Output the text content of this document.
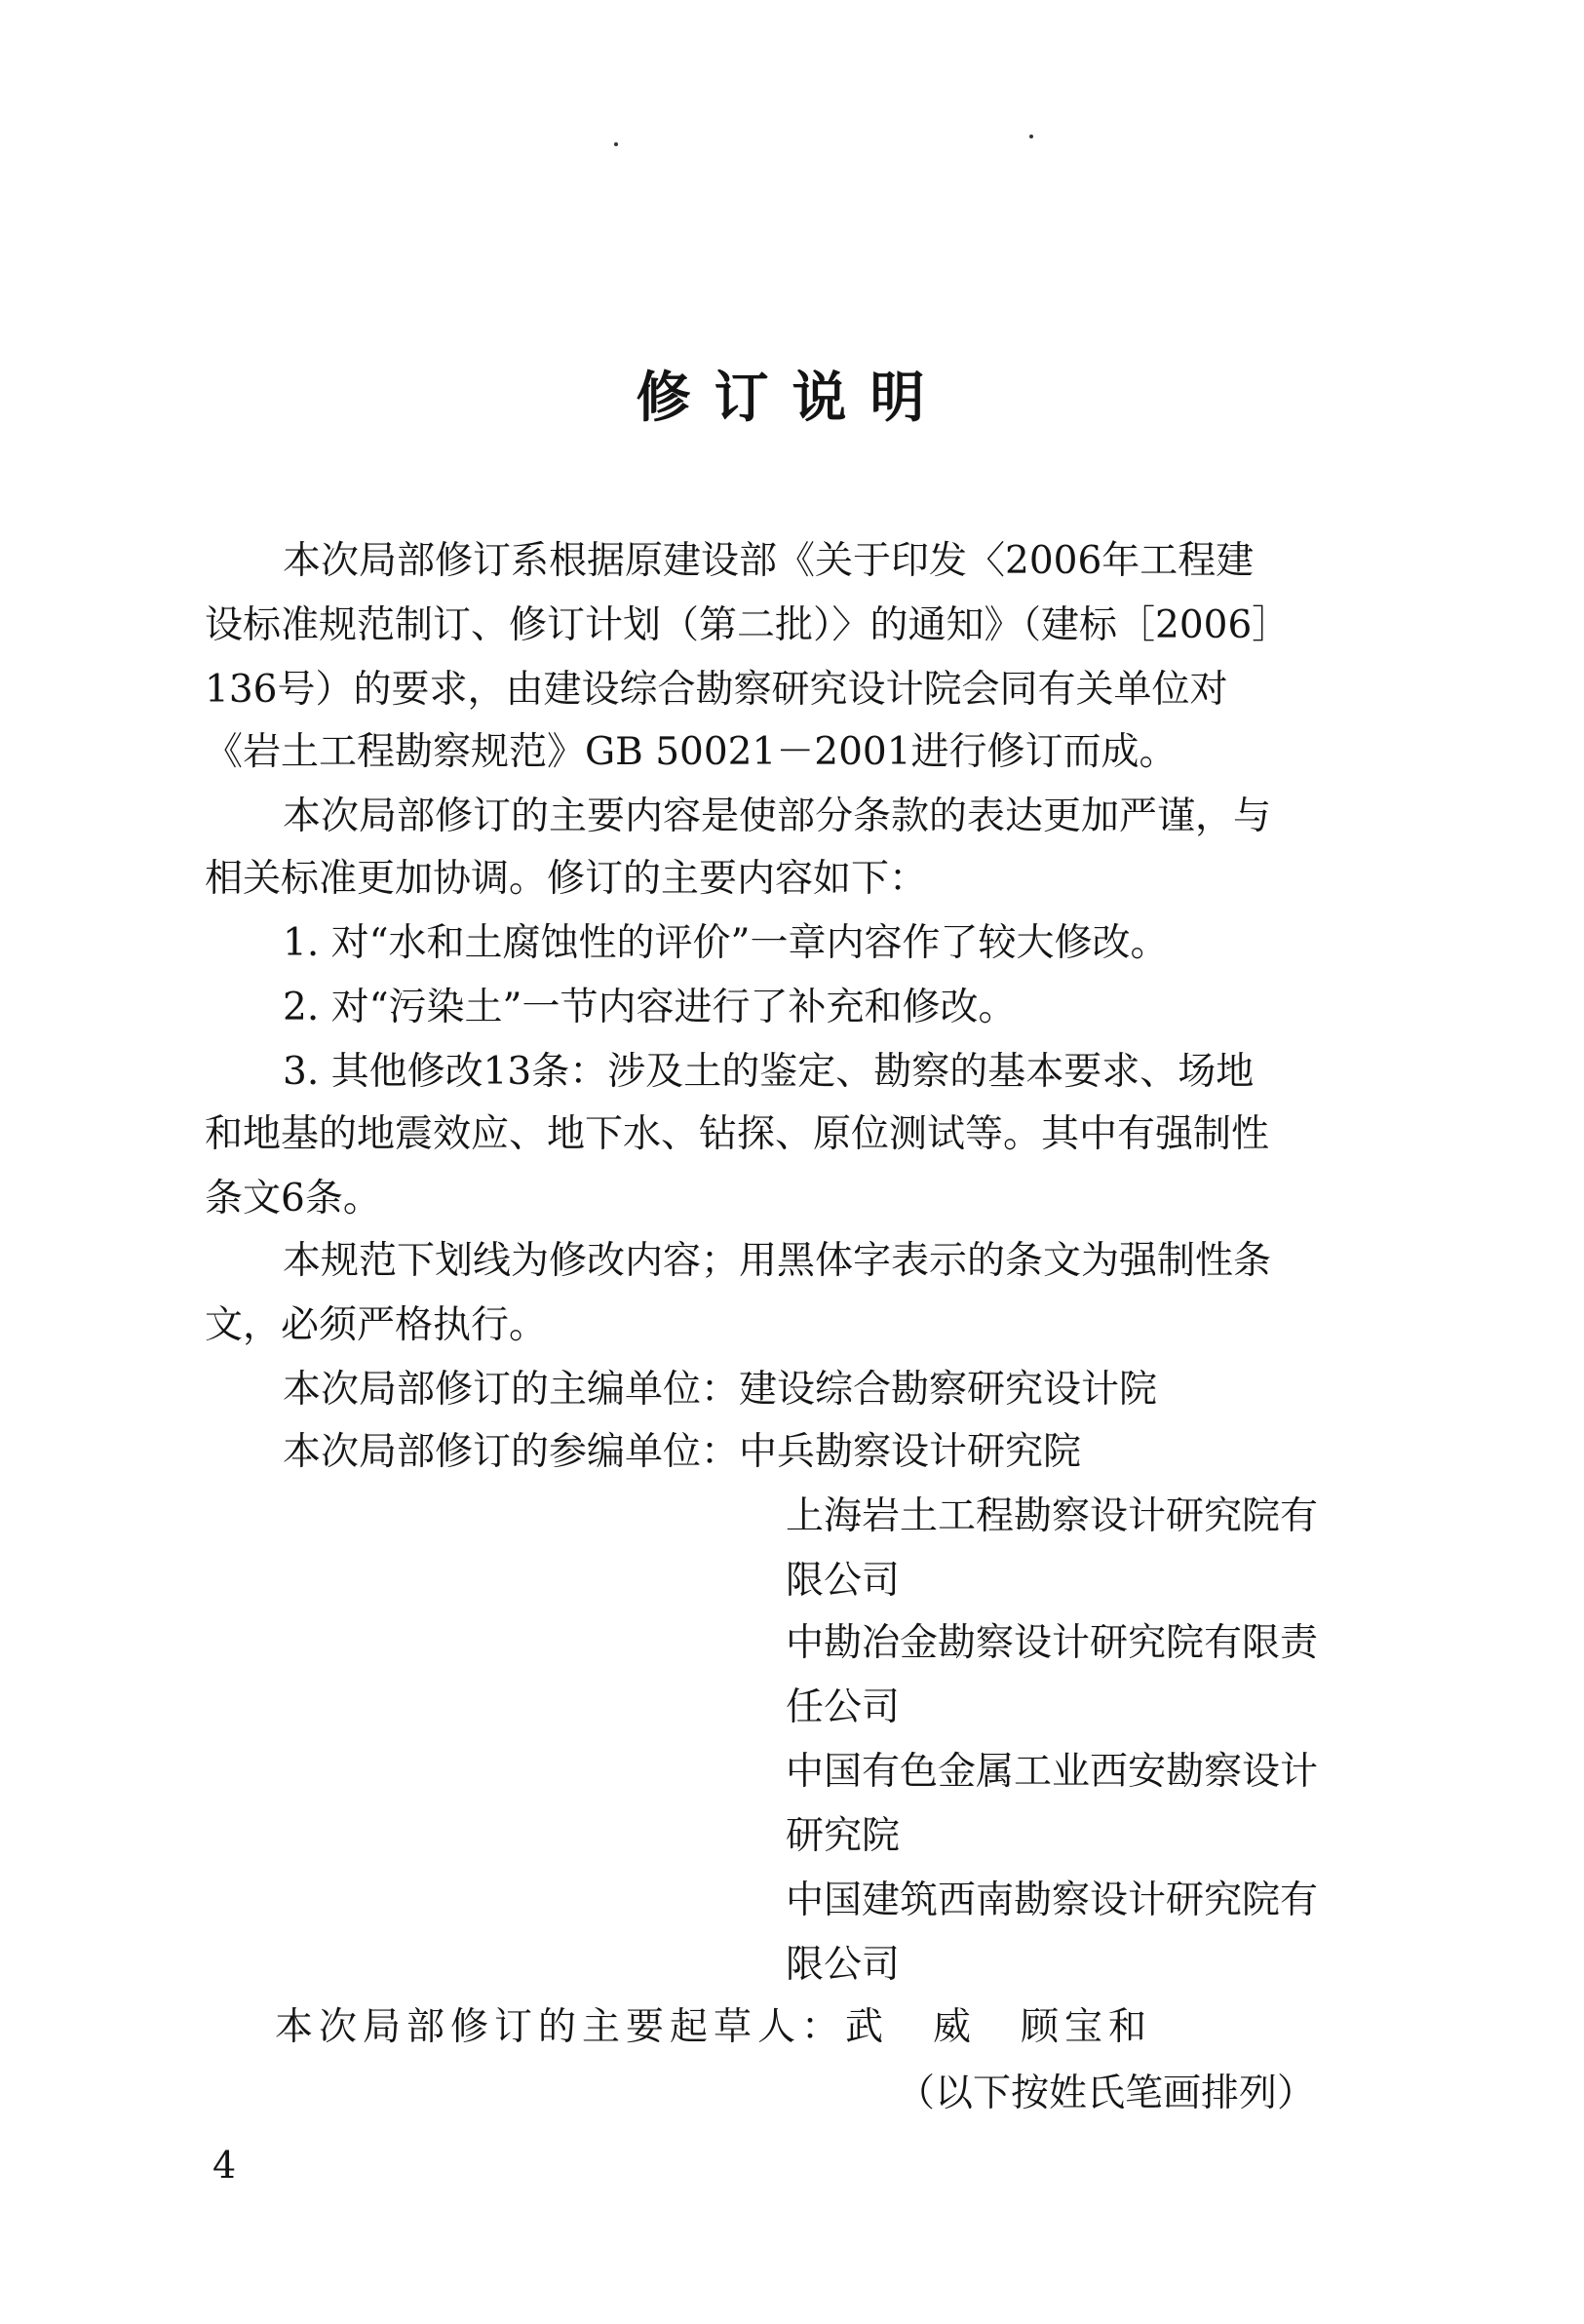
修订说明
本次局部修订系根据原建设部《关于印发〈2006年工程建
设标准规范制订、修订计划（第二批）〉的通知》（建标［2006］
136号）的要求，由建设综合勘察研究设计院会同有关单位对
《岩土工程勘察规范》GB 50021－2001进行修订而成。
本次局部修订的主要内容是使部分条款的表达更加严谨，与
相关标准更加协调。修订的主要内容如下：
1. 对“水和土腐蚀性的评价”一章内容作了较大修改。
2. 对“污染土”一节内容进行了补充和修改。
3. 其他修改13条：涉及土的鉴定、勘察的基本要求、场地
和地基的地震效应、地下水、钻探、原位测试等。其中有强制性
条文6条。
本规范下划线为修改内容；用黑体字表示的条文为强制性条
文，必须严格执行。
本次局部修订的主编单位：建设综合勘察研究设计院
本次局部修订的参编单位：中兵勘察设计研究院
上海岩土工程勘察设计研究院有
限公司
中勘冶金勘察设计研究院有限责
任公司
中国有色金属工业西安勘察设计
研究院
中国建筑西南勘察设计研究院有
限公司
本次局部修订的主要起草人：武　威　顾宝和
（以下按姓氏笔画排列）
4
